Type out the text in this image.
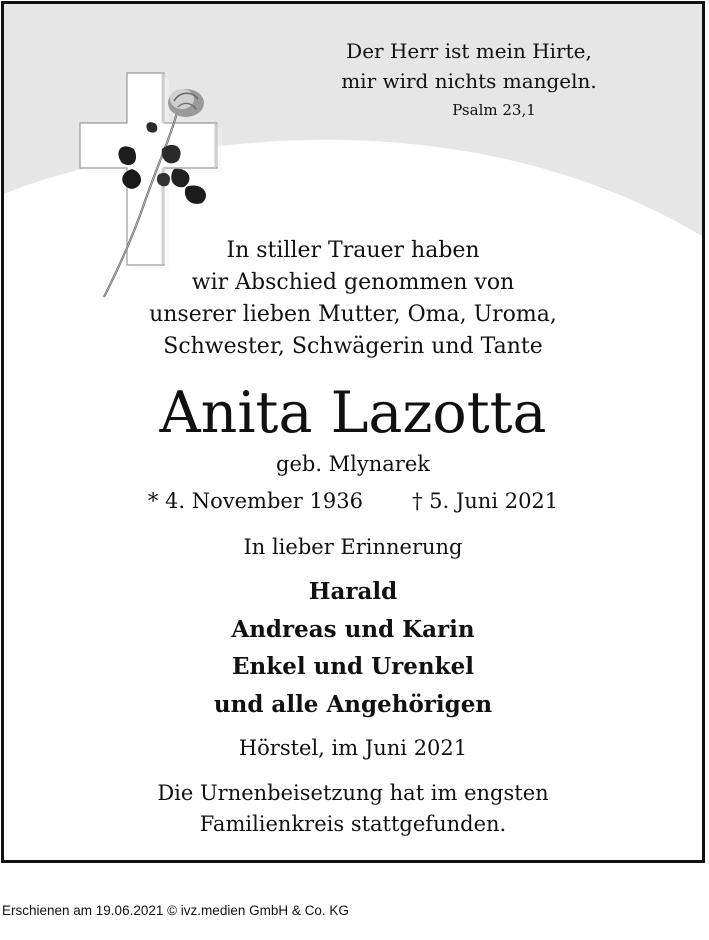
Der Herr ist mein Hirte,
mir wird nichts mangeln.
Psalm 23,1
In stiller Trauer haben
wir Abschied genommen von
unserer lieben Mutter, Oma, Uroma,
Schwester, Schwägerin und Tante
Anita Lazotta
geb. Mlynarek
* 4. November 1936 † 5. Juni 2021
In lieber Erinnerung
Harald
Andreas und Karin
Enkel und Urenkel
und alle Angehörigen
Hörstel, im Juni 2021
Die Urnenbeisetzung hat im engsten
Familienkreis stattgefunden.
Erschienen am 19.06.2021 © ivz.medien GmbH & Co. KG
